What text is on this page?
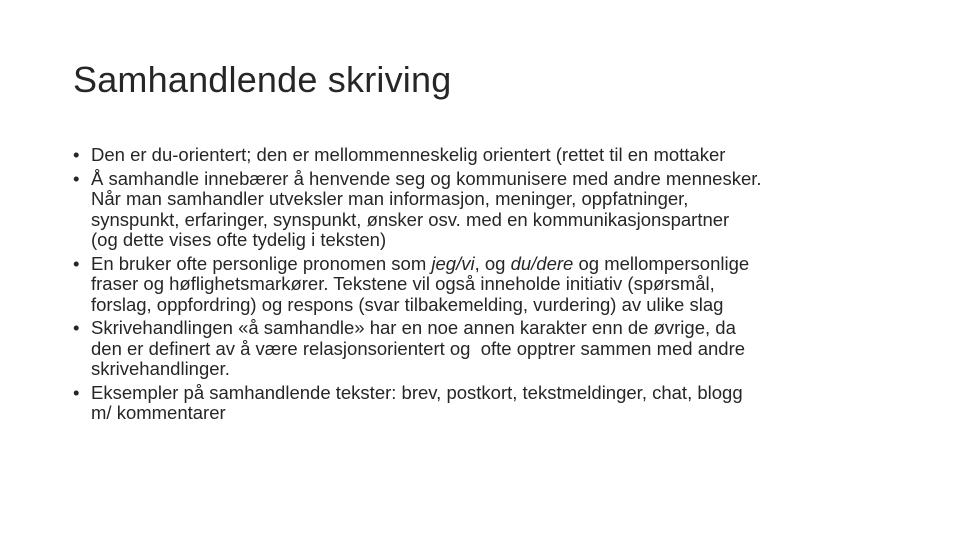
Samhandlende skriving
• Den er du-orientert; den er mellommenneskelig orientert (rettet til en mottaker
• Å samhandle innebærer å henvende seg og kommunisere med andre mennesker.
Når man samhandler utveksler man informasjon, meninger, oppfatninger,
synspunkt, erfaringer, synspunkt, ønsker osv. med en kommunikasjonspartner
(og dette vises ofte tydelig i teksten)
• En bruker ofte personlige pronomen som jeg/vi, og du/dere og mellompersonlige
fraser og høflighetsmarkører. Tekstene vil også inneholde initiativ (spørsmål,
forslag, oppfordring) og respons (svar tilbakemelding, vurdering) av ulike slag
• Skrivehandlingen «å samhandle» har en noe annen karakter enn de øvrige, da
den er definert av å være relasjonsorientert og  ofte opptrer sammen med andre
skrivehandlinger.
• Eksempler på samhandlende tekster: brev, postkort, tekstmeldinger, chat, blogg
m/ kommentarer
